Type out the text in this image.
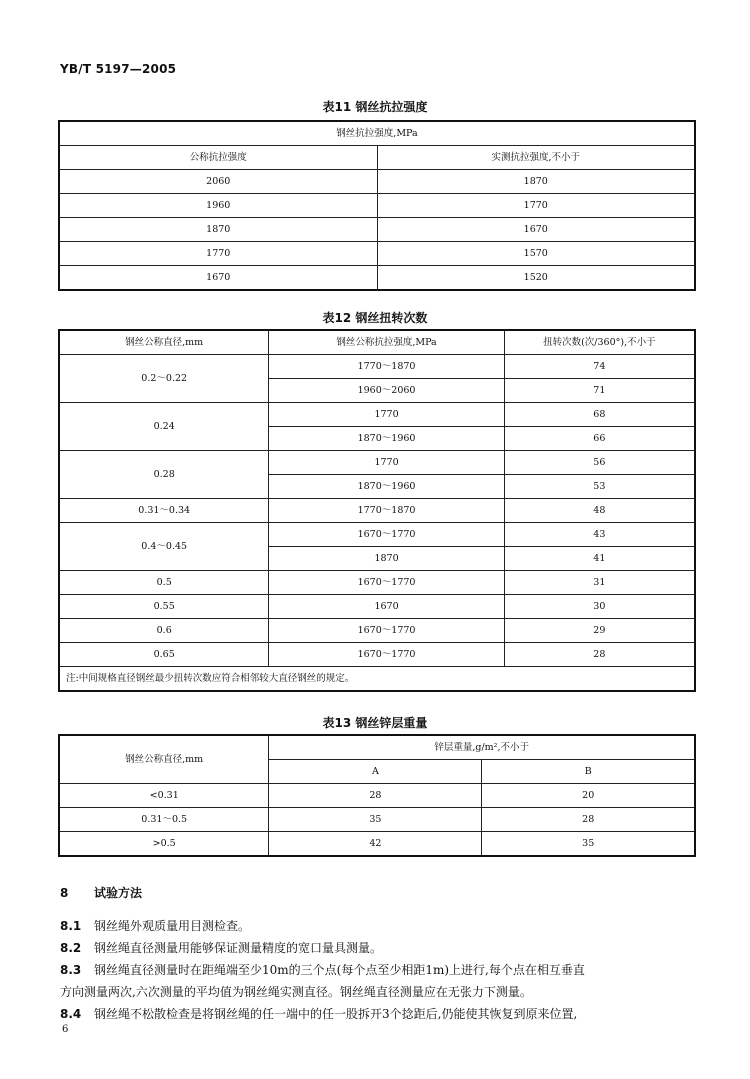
YB/T 5197—2005
表11 钢丝抗拉强度
钢丝抗拉强度,MPa	
公称抗拉强度	实测抗拉强度,不小于
2060	1870
1960	1770
1870	1670
1770	1570
1670	1520
表12 钢丝扭转次数
钢丝公称直径,mm	钢丝公称抗拉强度,MPa	扭转次数(次/360°),不小于
0.2～0.22	1770～1870	74
	1960～2060	71
0.24	1770	68
	1870～1960	66
0.28	1770	56
	1870～1960	53
0.31～0.34	1770～1870	48
0.4～0.45	1670～1770	43
	1870	41
0.5	1670～1770	31
0.55	1670	30
0.6	1670～1770	29
0.65	1670～1770	28
注:中间规格直径钢丝最少扭转次数应符合相邻较大直径钢丝的规定。		
表13 钢丝锌层重量
钢丝公称直径,mm	锌层重量,g/m²,不小于	
	A	B
<0.31	28	20
0.31～0.5	35	28
>0.5	42	35
8 试验方法
8.1 钢丝绳外观质量用目测检查。
8.2 钢丝绳直径测量用能够保证测量精度的宽口量具测量。
8.3 钢丝绳直径测量时在距绳端至少10m的三个点(每个点至少相距1m)上进行,每个点在相互垂直
方向测量两次,六次测量的平均值为钢丝绳实测直径。钢丝绳直径测量应在无张力下测量。
8.4 钢丝绳不松散检查是将钢丝绳的任一端中的任一股拆开3个捻距后,仍能使其恢复到原来位置,
6
